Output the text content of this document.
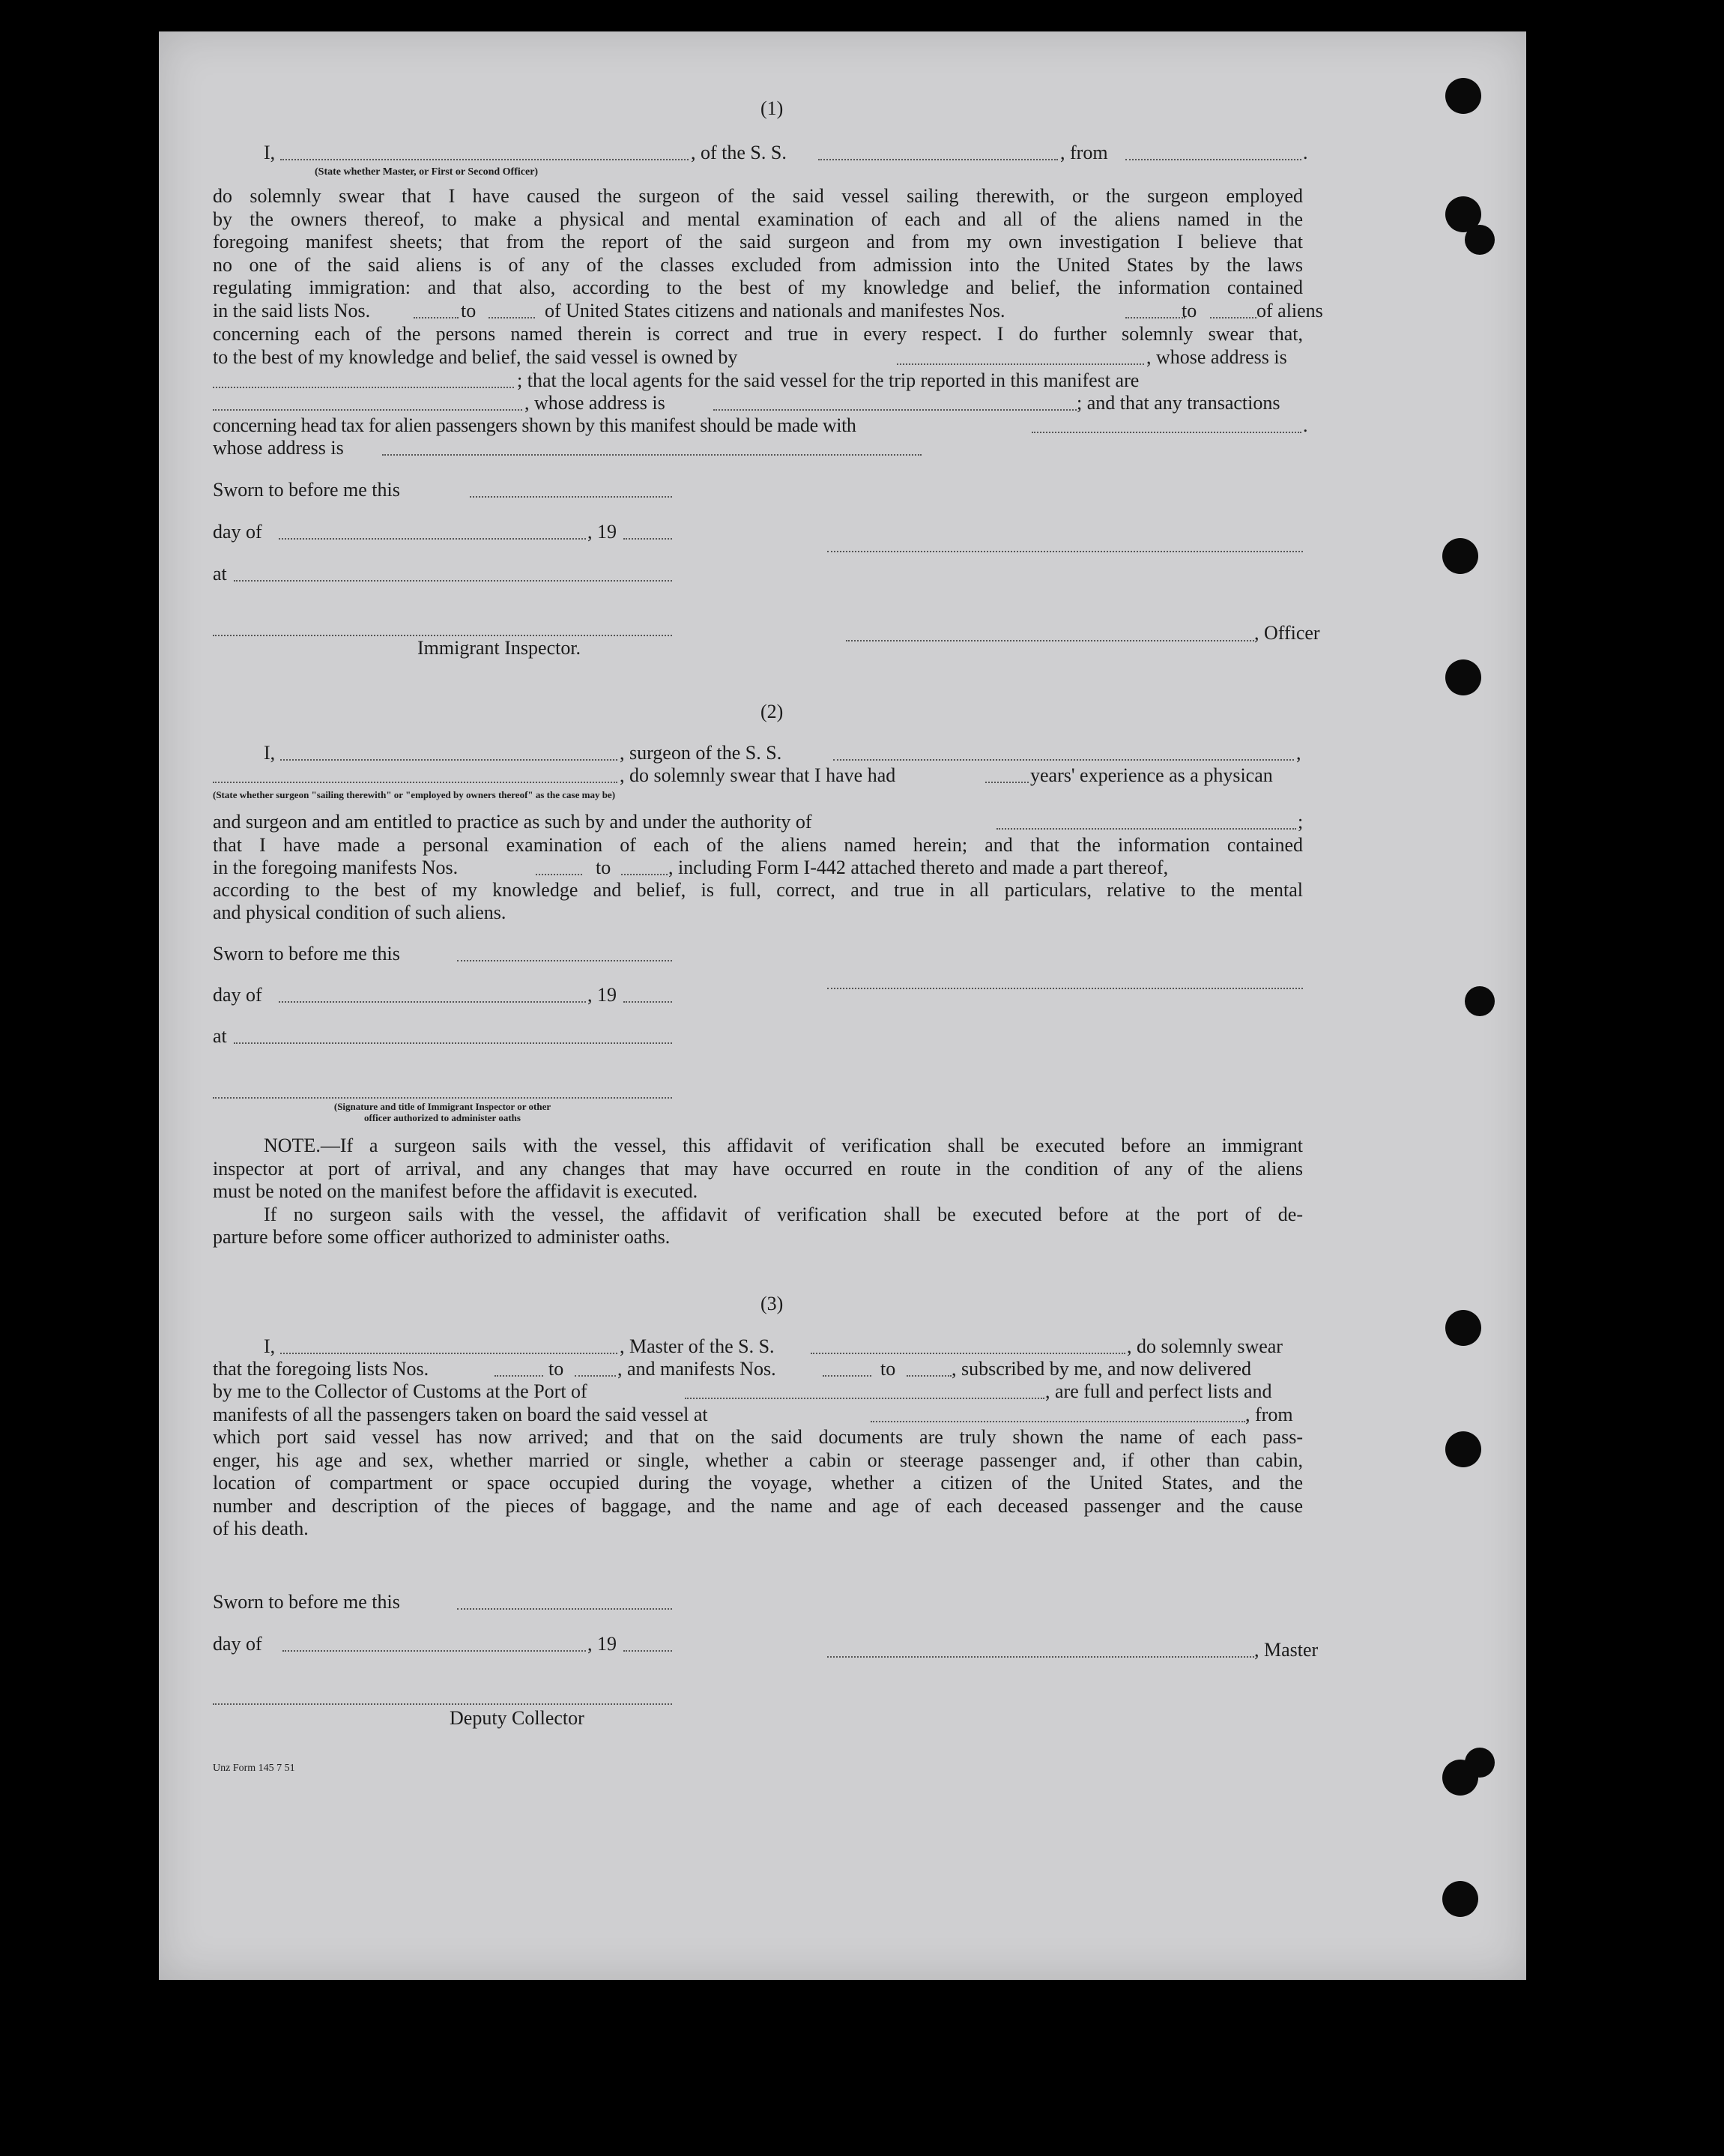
(1)
I,	, of the S. S.	, from	.
(State whether Master, or First or Second Officer)

do solemnly swear that I have caused the surgeon of the said vessel sailing therewith, or the surgeon employed

by the owners thereof, to make a physical and mental examination of each and all of the aliens named in the

foregoing manifest sheets; that from the report of the said surgeon and from my own investigation I believe that

no one of the said aliens is of any of the classes excluded from admission into the United States by the laws

regulating immigration: and that also, according to the best of my knowledge and belief, the information contained

in the said lists Nos.	to	of United States citizens and nationals and manifestes Nos.	to	of aliens
concerning each of the persons named therein is correct and true in every respect. I do further solemnly swear that,
to the best of my knowledge and belief, the said vessel is owned by	, whose address is
; that the local agents for the said vessel for the trip reported in this manifest are
, whose address is	; and that any transactions
concerning head tax for alien passengers shown by this manifest should be made with	.
whose address is
Sworn to before me this
day of	, 19
at
Immigrant Inspector.
, Officer
(2)
I,	, surgeon of the S. S.	,
, do solemnly swear that I have had	years' experience as a physican
(State whether surgeon "sailing therewith" or "employed by owners thereof" as the case may be)
and surgeon and am entitled to practice as such by and under the authority of	;
that I have made a personal examination of each of the aliens named herein; and that the information contained
in the foregoing manifests Nos.	to	, including Form I-442 attached thereto and made a part thereof,
according to the best of my knowledge and belief, is full, correct, and true in all particulars, relative to the mental
and physical condition of such aliens.
Sworn to before me this
day of	, 19
at
(Signature and title of Immigrant Inspector or other
officer authorized to administer oaths

NOTE.—If a surgeon sails with the vessel, this affidavit of verification shall be executed before an immigrant

inspector at port of arrival, and any changes that may have occurred en route in the condition of any of the aliens

must be noted on the manifest before the affidavit is executed.

If no surgeon sails with the vessel, the affidavit of verification shall be executed before at the port of de-

parture before some officer authorized to administer oaths.

(3)
I,	, Master of the S. S.	, do solemnly swear
that the foregoing lists Nos.	to	, and manifests Nos.	to	, subscribed by me, and now delivered
by me to the Collector of Customs at the Port of	, are full and perfect lists and
manifests of all the passengers taken on board the said vessel at	, from

which port said vessel has now arrived; and that on the said documents are truly shown the name of each pass-

enger, his age and sex, whether married or single, whether a cabin or steerage passenger and, if other than cabin,

location of compartment or space occupied during the voyage, whether a citizen of the United States, and the

number and description of the pieces of baggage, and the name and age of each deceased passenger and the cause

of his death.

Sworn to before me this
day of	, 19	, Master
Deputy Collector
Unz Form 145 7 51
